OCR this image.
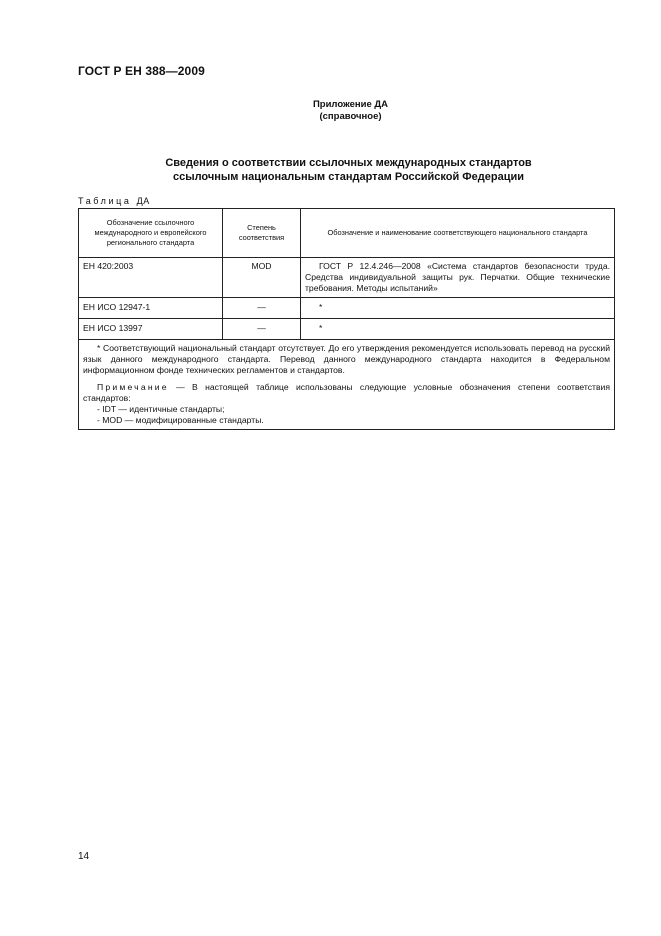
ГОСТ Р ЕН 388—2009
Приложение ДА
(справочное)
Сведения о соответствии ссылочных международных стандартов
ссылочным национальным стандартам Российской Федерации
Таблица ДА
Обозначение ссылочного международного и европейского регионального стандарта	Степень соответствия	Обозначение и наименование соответствующего национального стандарта
ЕН 420:2003	MOD	ГОСТ Р 12.4.246—2008 «Система стандартов безопасности труда. Средства индивидуальной защиты рук. Перчатки. Общие технические требования. Методы испытаний»
ЕН ИСО 12947-1	—	*
ЕН ИСО 13997	—	*

* Соответствующий национальный стандарт отсутствует. До его утверждения рекомендуется использовать перевод на русский язык данного международного стандарта. Перевод данного международного стандарта находится в Федеральном информационном фонде технических регламентов и стандартов.

Примечание — В настоящей таблице использованы следующие условные обозначения степени соответствия стандартов:

- IDT — идентичные стандарты;

- MOD — модифицированные стандарты.		

14
